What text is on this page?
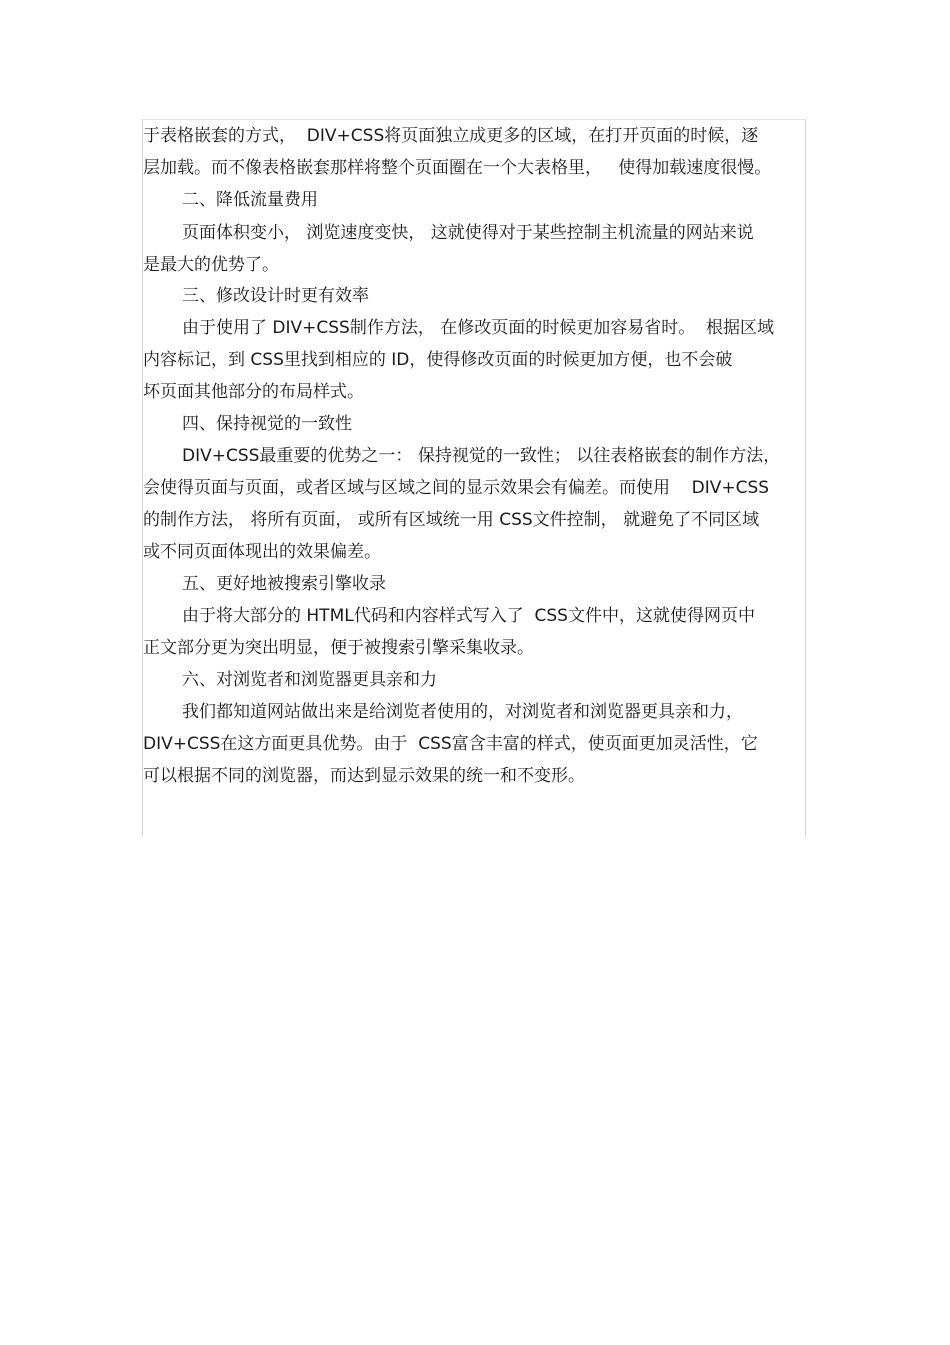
于表格嵌套的方式，  DIV+CSS将页面独立成更多的区域，在打开页面的时候，逐
层加载。而不像表格嵌套那样将整个页面圈在一个大表格里，   使得加载速度很慢。
二、降低流量费用
页面体积变小， 浏览速度变快， 这就使得对于某些控制主机流量的网站来说
是最大的优势了。
三、修改设计时更有效率
由于使用了 DIV+CSS制作方法， 在修改页面的时候更加容易省时。  根据区域
内容标记，到 CSS里找到相应的 ID，使得修改页面的时候更加方便，也不会破
坏页面其他部分的布局样式。
四、保持视觉的一致性
DIV+CSS最重要的优势之一： 保持视觉的一致性； 以往表格嵌套的制作方法，
会使得页面与页面，或者区域与区域之间的显示效果会有偏差。而使用    DIV+CSS
的制作方法， 将所有页面， 或所有区域统一用 CSS文件控制， 就避免了不同区域
或不同页面体现出的效果偏差。
五、更好地被搜索引擎收录
由于将大部分的 HTML代码和内容样式写入了  CSS文件中，这就使得网页中
正文部分更为突出明显，便于被搜索引擎采集收录。
六、对浏览者和浏览器更具亲和力
我们都知道网站做出来是给浏览者使用的，对浏览者和浏览器更具亲和力，
DIV+CSS在这方面更具优势。由于  CSS富含丰富的样式，使页面更加灵活性，它
可以根据不同的浏览器，而达到显示效果的统一和不变形。
